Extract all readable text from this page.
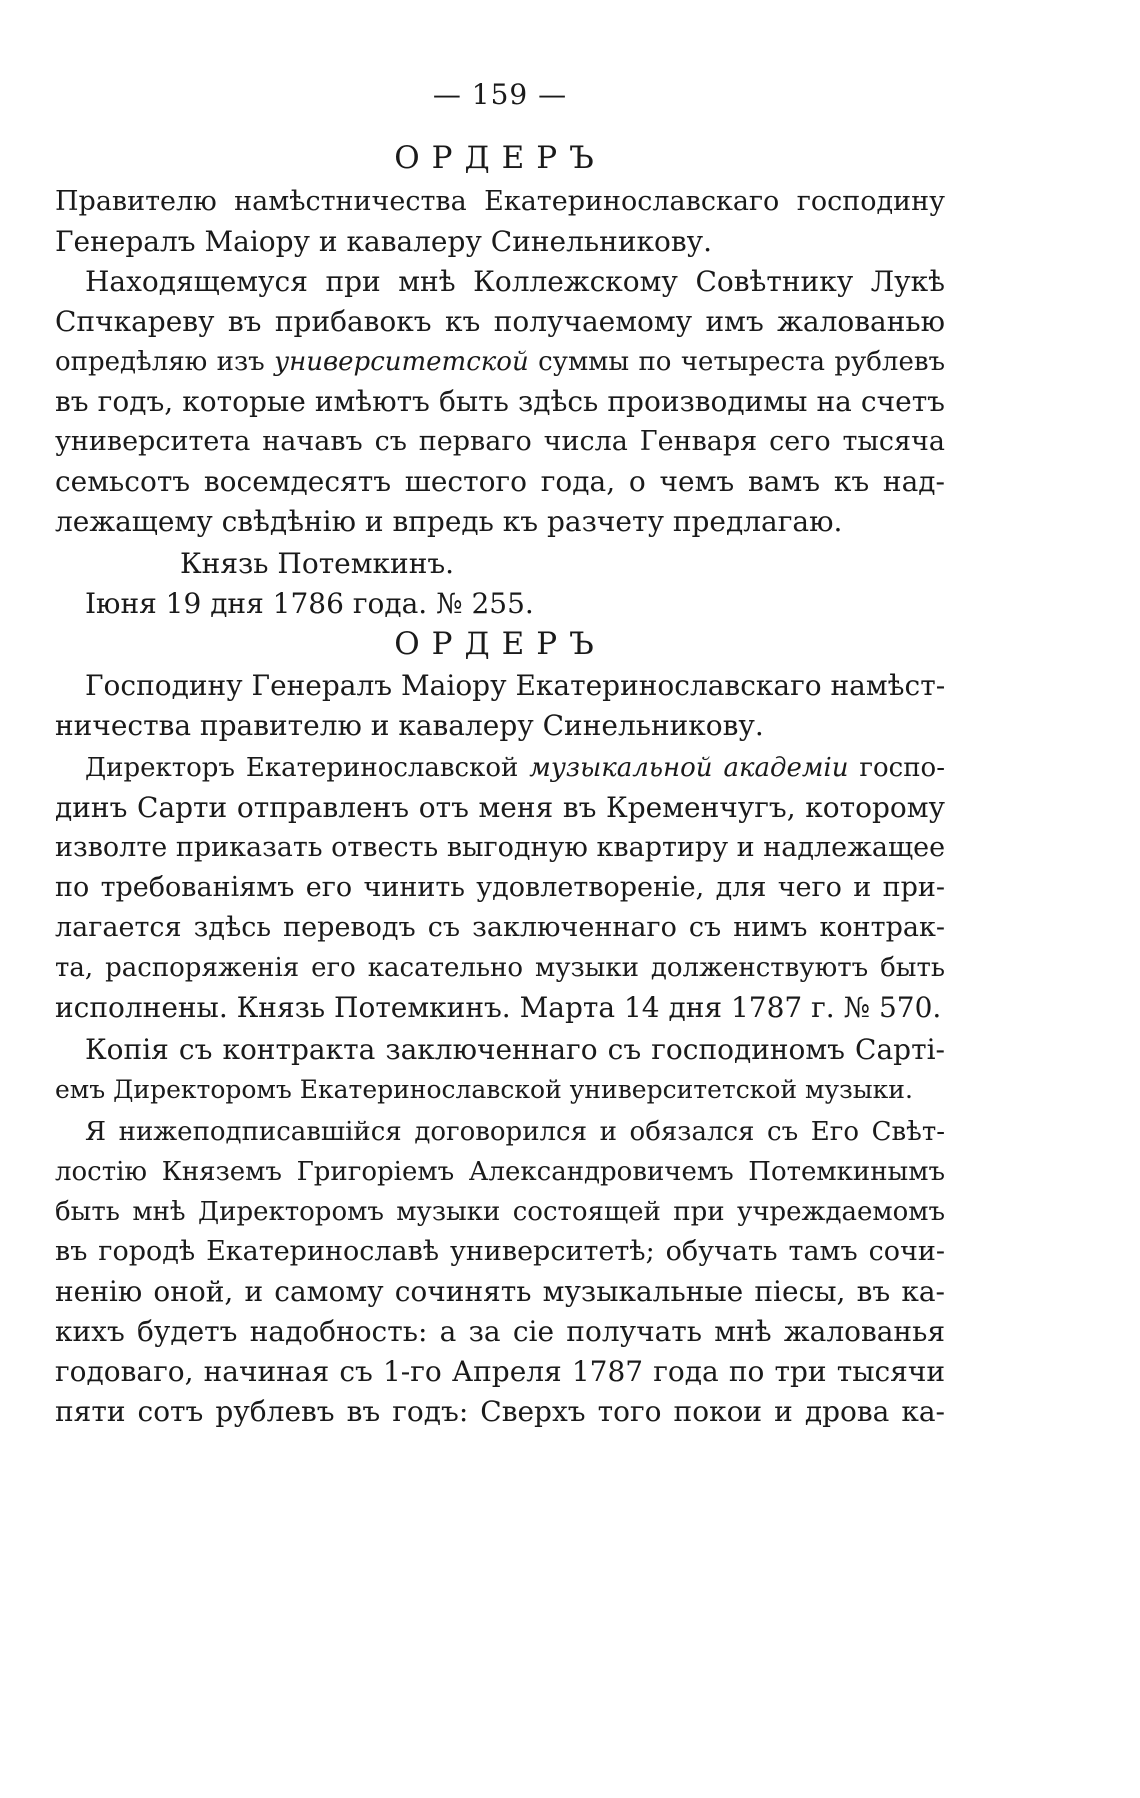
— 159 —
ОРДЕРЪ
Правителю намѣстничества Екатеринославскаго господину
Генералъ Маіору и кавалеру Синельникову.
Находящемуся при мнѣ Коллежскому Совѣтнику Лукѣ
Спчкареву въ прибавокъ къ получаемому имъ жалованью
опредѣляю изъ университетской суммы по четыреста рублевъ
въ годъ, которые имѣютъ быть здѣсь производимы на счетъ
университета начавъ съ перваго числа Генваря сего тысяча
семьсотъ восемдесятъ шестого года, о чемъ вамъ къ над-
лежащему свѣдѣнію и впредь къ разчету предлагаю.
Князь Потемкинъ.
Іюня 19 дня 1786 года. № 255.
ОРДЕРЪ
Господину Генералъ Маіору Екатеринославскаго намѣст-
ничества правителю и кавалеру Синельникову.
Директоръ Екатеринославской музыкальной академіи госпо-
динъ Сарти отправленъ отъ меня въ Кременчугъ, которому
изволте приказать отвесть выгодную квартиру и надлежащее
по требованіямъ его чинить удовлетвореніе, для чего и при-
лагается здѣсь переводъ съ заключеннаго съ нимъ контрак-
та, распоряженія его касательно музыки долженствуютъ быть
исполнены. Князь Потемкинъ. Марта 14 дня 1787 г. № 570.
Копія съ контракта заключеннаго съ господиномъ Сартi-
емъ Директоромъ Екатеринославской университетской музыки.
Я нижеподписавшійся договорился и обязался съ Его Свѣт-
лостію Княземъ Григоріемъ Александровичемъ Потемкинымъ
быть мнѣ Директоромъ музыки состоящей при учреждаемомъ
въ городѣ Екатеринославѣ университетѣ; обучать тамъ сочи-
ненію оной, и самому сочинять музыкальные піесы, въ ка-
кихъ будетъ надобность: а за сіе получать мнѣ жалованья
годоваго, начиная съ 1-го Апреля 1787 года по три тысячи
пяти сотъ рублевъ въ годъ: Сверхъ того покои и дрова ка-
